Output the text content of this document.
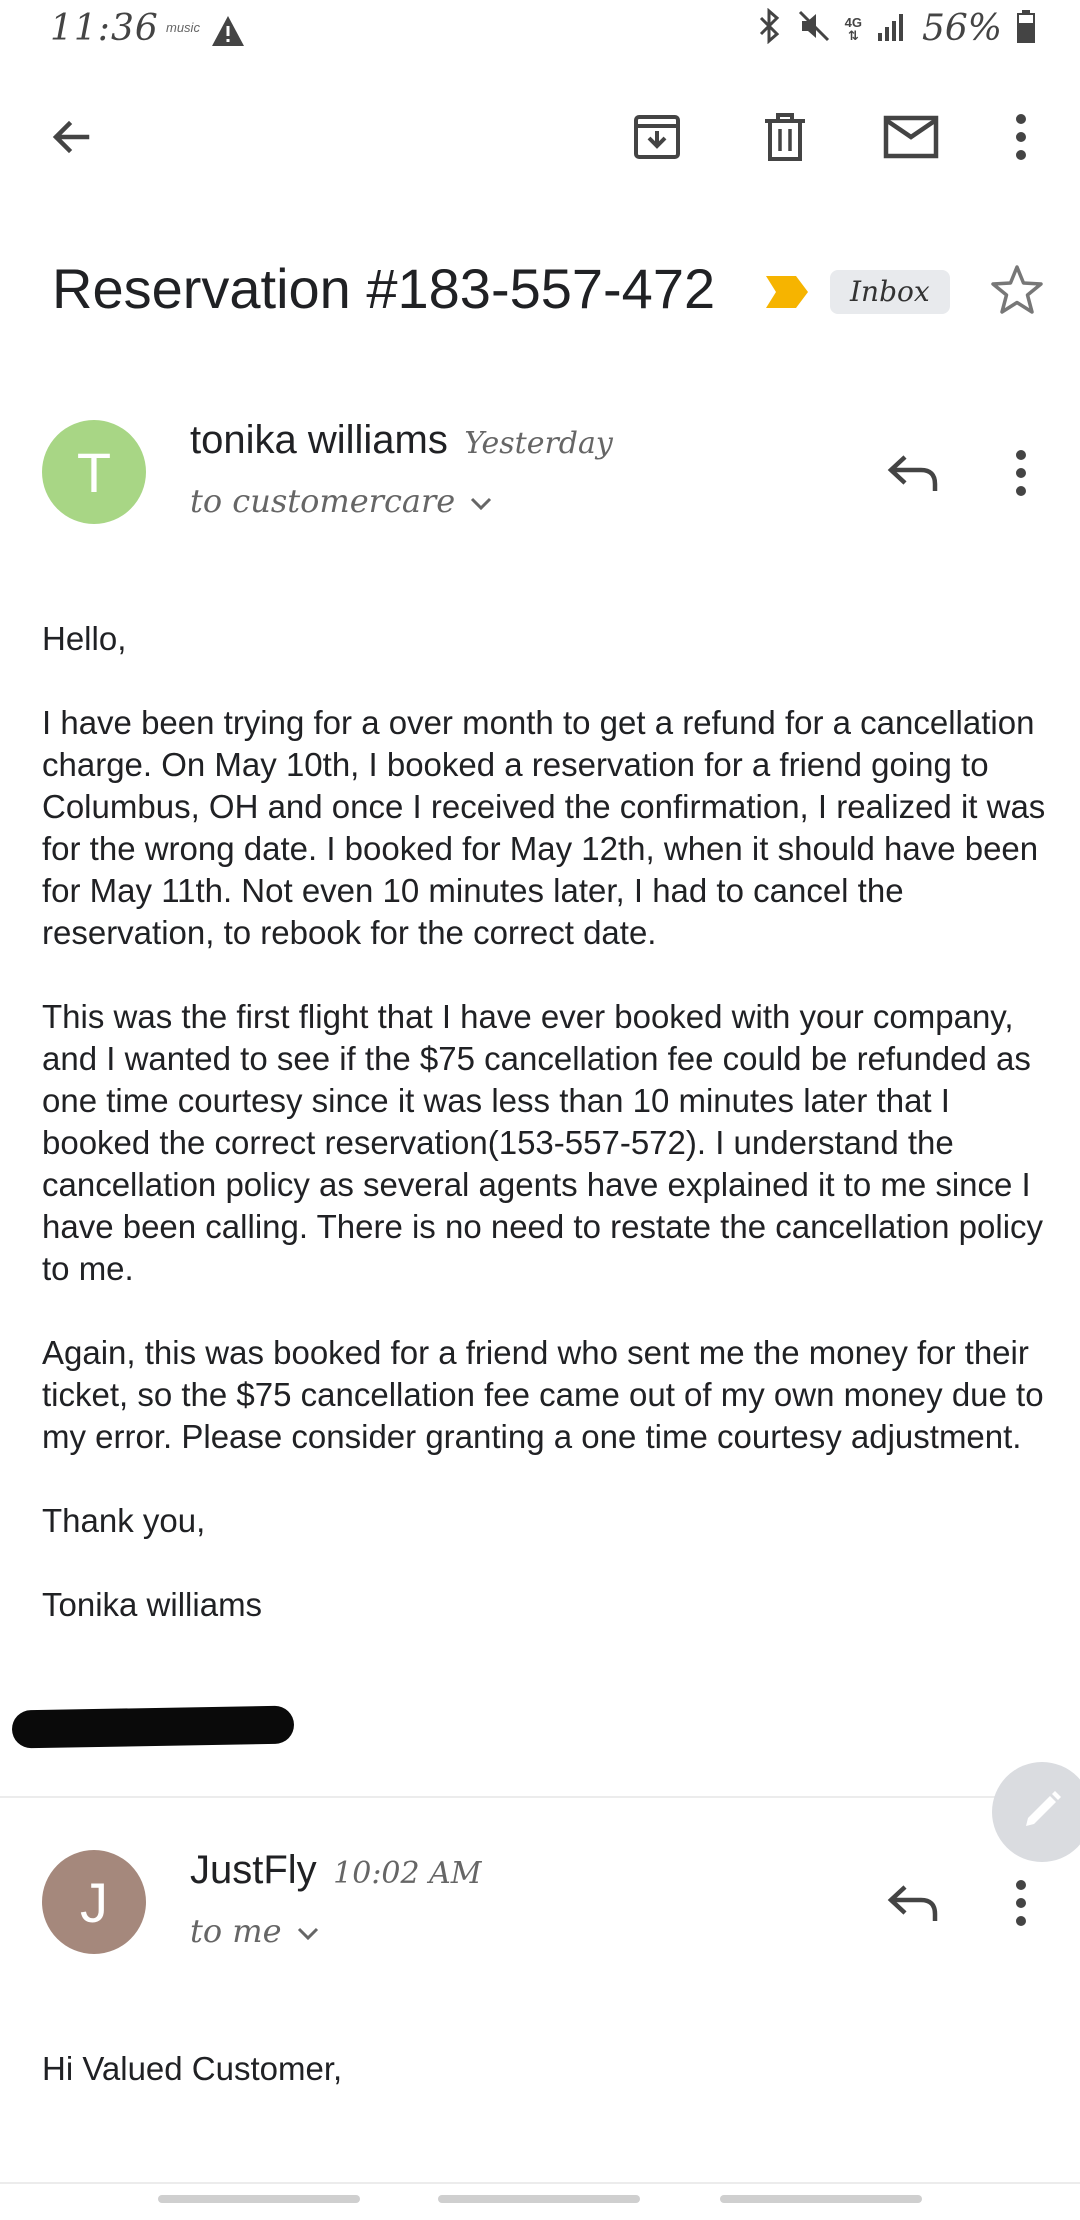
11:36 music	4G
⇅ 56%
Reservation #183-557-472	Inbox
T
tonika williams Yesterday
to customercare

Hello,

I have been trying for a over month to get a refund for a cancellation charge. On May 10th, I booked a reservation for a friend going to Columbus, OH and once I received the confirmation, I realized it was for the wrong date. I booked for May 12th, when it should have been for May 11th. Not even 10 minutes later, I had to cancel the reservation, to rebook for the correct date.

This was the first flight that I have ever booked with your company, and I wanted to see if the $75 cancellation fee could be refunded as one time courtesy since it was less than 10 minutes later that I booked the correct reservation(153-557-572). I understand the cancellation policy as several agents have explained it to me since I have been calling. There is no need to restate the cancellation policy to me.

Again, this was booked for a friend who sent me the money for their ticket, so the $75 cancellation fee came out of my own money due to my error. Please consider granting a one time courtesy adjustment.

Thank you,

Tonika williams

J
JustFly 10:02 AM
to me
Hi Valued Customer,
